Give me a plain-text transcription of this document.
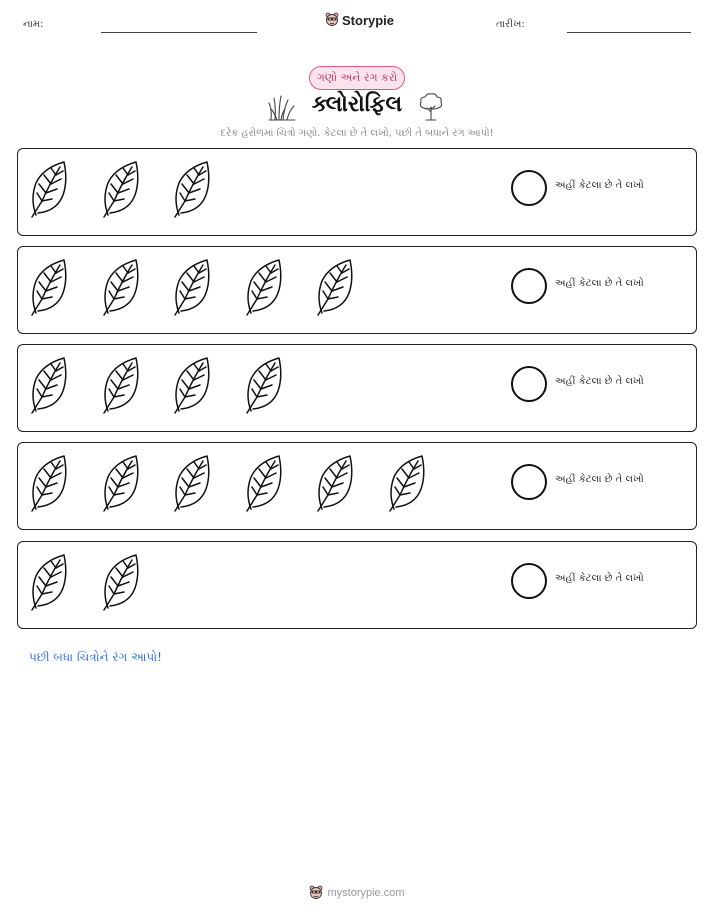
નામ:	Storypie	તારીખ:
ગણો અને રંગ કરો
ક્લોરોફિલ
દરેક હરોળમાં ચિત્રો ગણો. કેટલા છે તે લખો, પછી તે બધાને રંગ આપો!
અહીં કેટલા છે તે લખો
અહીં કેટલા છે તે લખો
અહીં કેટલા છે તે લખો
અહીં કેટલા છે તે લખો
અહીં કેટલા છે તે લખો
પછી બધા ચિત્રોને રંગ આપો!
mystorypie.com
